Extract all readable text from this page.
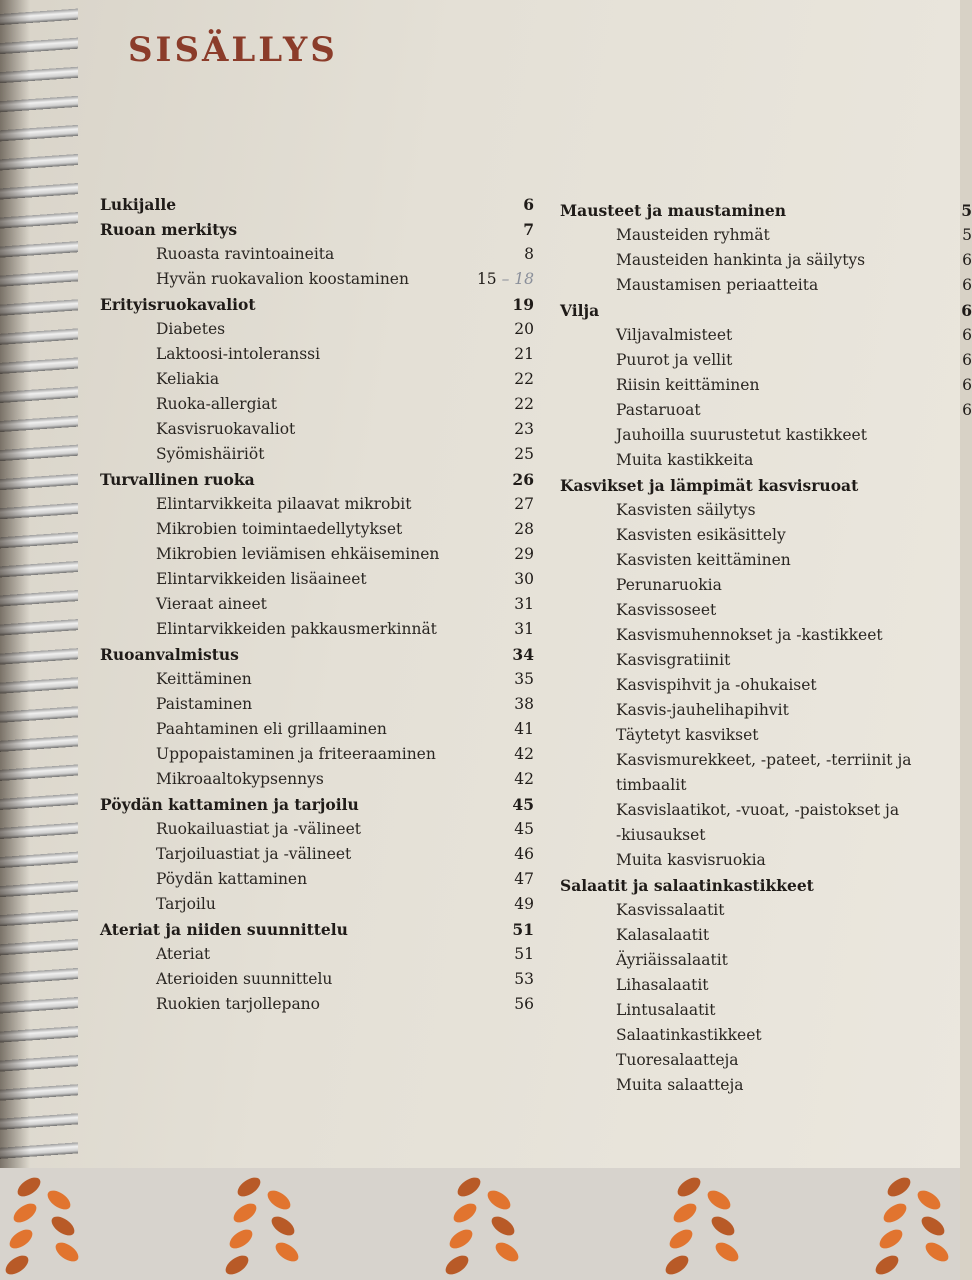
SISÄLLYS
Lukijalle	6
Ruoan merkitys	7
Ruoasta ravintoaineita	8
Hyvän ruokavalion koostaminen	15 – 18
Erityisruokavaliot	19
Diabetes	20
Laktoosi-intoleranssi	21
Keliakia	22
Ruoka-allergiat	22
Kasvisruokavaliot	23
Syömishäiriöt	25
Turvallinen ruoka	26
Elintarvikkeita pilaavat mikrobit	27
Mikrobien toimintaedellytykset	28
Mikrobien leviämisen ehkäiseminen	29
Elintarvikkeiden lisäaineet	30
Vieraat aineet	31
Elintarvikkeiden pakkausmerkinnät	31
Ruoanvalmistus	34
Keittäminen	35
Paistaminen	38
Paahtaminen eli grillaaminen	41
Uppopaistaminen ja friteeraaminen	42
Mikroaaltokypsennys	42
Pöydän kattaminen ja tarjoilu	45
Ruokailuastiat ja -välineet	45
Tarjoiluastiat ja -välineet	46
Pöydän kattaminen	47
Tarjoilu	49
Ateriat ja niiden suunnittelu	51
Ateriat	51
Aterioiden suunnittelu	53
Ruokien tarjollepano	56
Mausteet ja maustaminen	5
Mausteiden ryhmät	5
Mausteiden hankinta ja säilytys	6
Maustamisen periaatteita	6
Vilja	6
Viljavalmisteet	6
Puurot ja vellit	6
Riisin keittäminen	6
Pastaruoat	6
Jauhoilla suurustetut kastikkeet
Muita kastikkeita
Kasvikset ja lämpimät kasvisruoat
Kasvisten säilytys
Kasvisten esikäsittely
Kasvisten keittäminen
Perunaruokia
Kasvissoseet
Kasvismuhennokset ja -kastikkeet
Kasvisgratiinit
Kasvispihvit ja -ohukaiset
Kasvis-jauhelihapihvit
Täytetyt kasvikset
Kasvismurekkeet, -pateet, -terriinit ja
timbaalit
Kasvislaatikot, -vuoat, -paistokset ja
-kiusaukset
Muita kasvisruokia
Salaatit ja salaatinkastikkeet
Kasvissalaatit
Kalasalaatit
Äyriäissalaatit
Lihasalaatit
Lintusalaatit
Salaatinkastikkeet
Tuoresalaatteja
Muita salaatteja
